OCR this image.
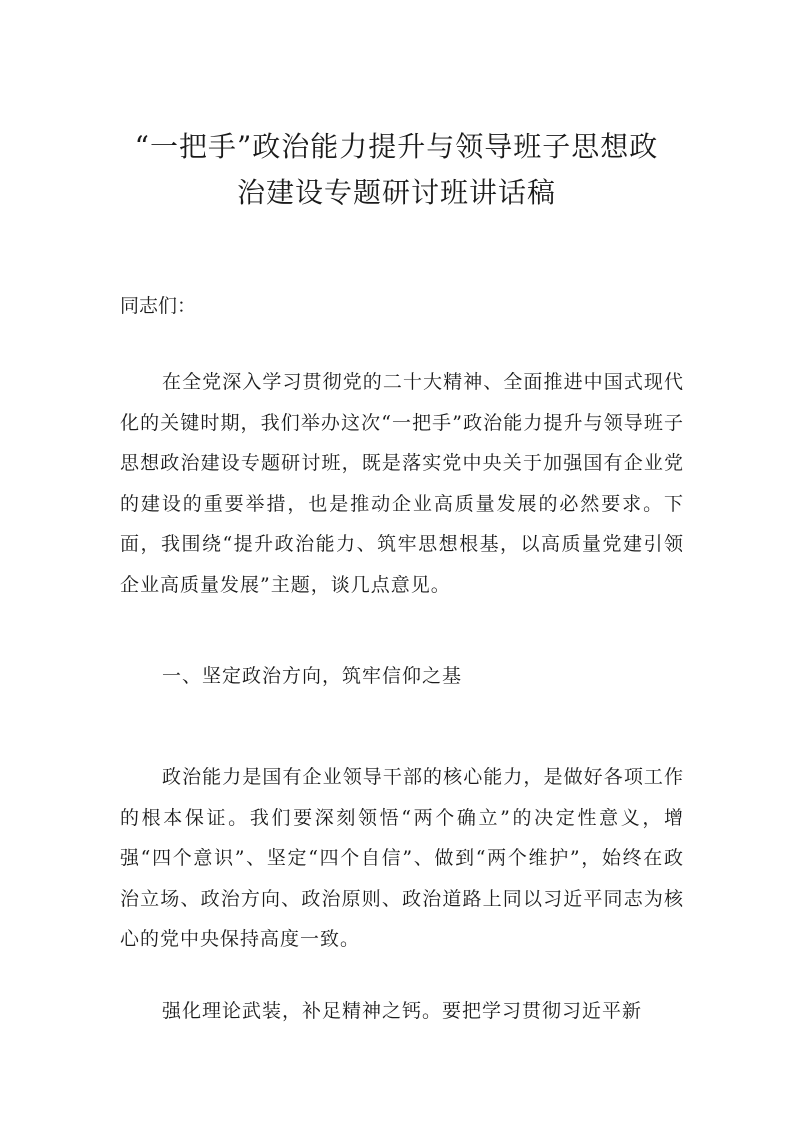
“一把手”政治能力提升与领导班子思想政
治建设专题研讨班讲话稿

同志们：

在全党深入学习贯彻党的二十大精神、全面推进中国式现代化的关键时期，我们举办这次“一把手”政治能力提升与领导班子思想政治建设专题研讨班，既是落实党中央关于加强国有企业党的建设的重要举措，也是推动企业高质量发展的必然要求。下面，我围绕“提升政治能力、筑牢思想根基，以高质量党建引领企业高质量发展”主题，谈几点意见。

一、坚定政治方向，筑牢信仰之基

政治能力是国有企业领导干部的核心能力，是做好各项工作的根本保证。我们要深刻领悟“两个确立”的决定性意义，增强“四个意识”、坚定“四个自信”、做到“两个维护”，始终在政治立场、政治方向、政治原则、政治道路上同以习近平同志为核心的党中央保持高度一致。

强化理论武装，补足精神之钙。要把学习贯彻习近平新
